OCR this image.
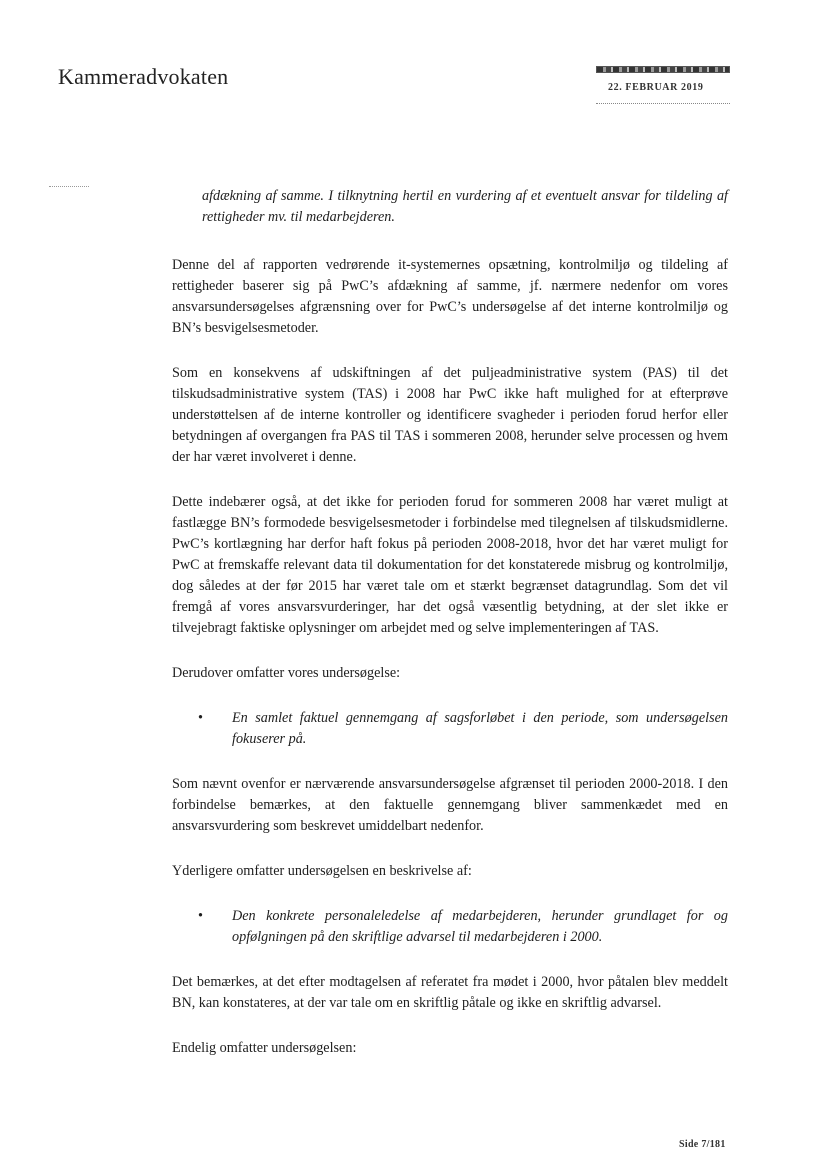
Kammeradvokaten	22. FEBRUAR 2019

afdækning af samme. I tilknytning hertil en vurdering af et eventuelt ansvar for tildeling af rettigheder mv. til medarbejderen.

Denne del af rapporten vedrørende it-systemernes opsætning, kontrolmiljø og tildeling af rettigheder baserer sig på PwC’s afdækning af samme, jf. nærmere nedenfor om vores ansvarsundersøgelses afgrænsning over for PwC’s undersøgelse af det interne kontrolmiljø og BN’s besvigelsesmetoder.

Som en konsekvens af udskiftningen af det puljeadministrative system (PAS) til det tilskudsadministrative system (TAS) i 2008 har PwC ikke haft mulighed for at efterprøve understøttelsen af de interne kontroller og identificere svagheder i perioden forud herfor eller betydningen af overgangen fra PAS til TAS i sommeren 2008, herunder selve processen og hvem der har været involveret i denne.

Dette indebærer også, at det ikke for perioden forud for sommeren 2008 har været muligt at fastlægge BN’s formodede besvigelsesmetoder i forbindelse med tilegnelsen af tilskudsmidlerne. PwC’s kortlægning har derfor haft fokus på perioden 2008-2018, hvor det har været muligt for PwC at fremskaffe relevant data til dokumentation for det konstaterede misbrug og kontrolmiljø, dog således at der før 2015 har været tale om et stærkt begrænset datagrundlag. Som det vil fremgå af vores ansvarsvurderinger, har det også væsentlig betydning, at der slet ikke er tilvejebragt faktiske oplysninger om arbejdet med og selve implementeringen af TAS.

Derudover omfatter vores undersøgelse:

•	En samlet faktuel gennemgang af sagsforløbet i den periode, som undersøgelsen fokuserer på.

Som nævnt ovenfor er nærværende ansvarsundersøgelse afgrænset til perioden 2000-2018. I den forbindelse bemærkes, at den faktuelle gennemgang bliver sammenkædet med en ansvarsvurdering som beskrevet umiddelbart nedenfor.

Yderligere omfatter undersøgelsen en beskrivelse af:

•	Den konkrete personaleledelse af medarbejderen, herunder grundlaget for og opfølgningen på den skriftlige advarsel til medarbejderen i 2000.

Det bemærkes, at det efter modtagelsen af referatet fra mødet i 2000, hvor påtalen blev meddelt BN, kan konstateres, at der var tale om en skriftlig påtale og ikke en skriftlig advarsel.

Endelig omfatter undersøgelsen:

Side 7/181
